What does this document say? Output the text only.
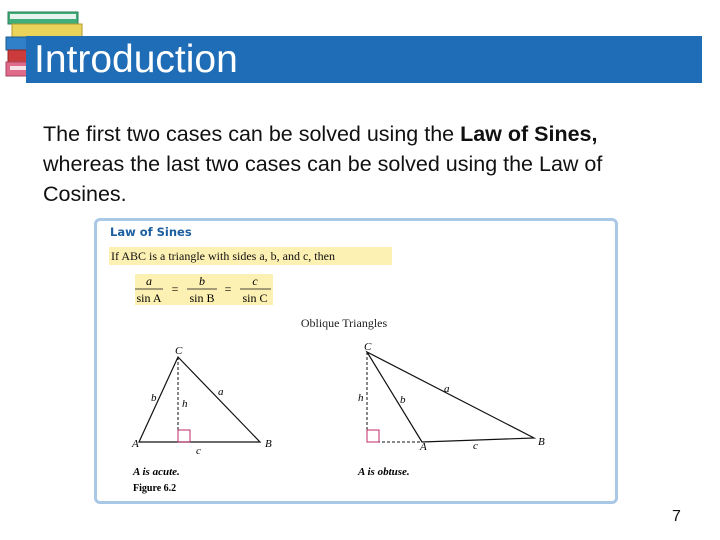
Introduction
The first two cases can be solved using the Law of Sines, whereas the last two cases can be solved using the Law of Cosines.
Law of Sines
If ABC is a triangle with sides a, b, and c, then
a
sin A
=
b
sin B
=
c
sin C
Oblique Triangles
C
A	B
b h
a
c
A is acute.
Figure 6.2
C
A	B
h	b
a
c
A is obtuse.
7
